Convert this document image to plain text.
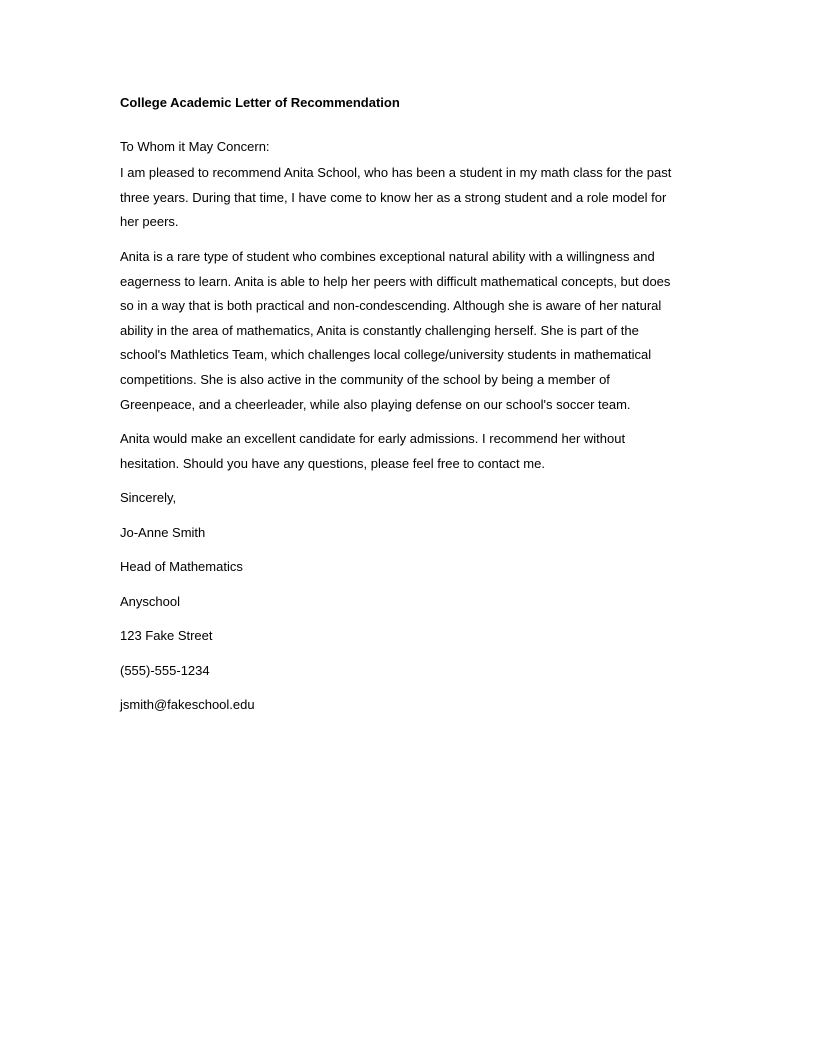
College Academic Letter of Recommendation

To Whom it May Concern:

I am pleased to recommend Anita School, who has been a student in my math class for the past
three years. During that time, I have come to know her as a strong student and a role model for
her peers.

Anita is a rare type of student who combines exceptional natural ability with a willingness and
eagerness to learn. Anita is able to help her peers with difficult mathematical concepts, but does
so in a way that is both practical and non-condescending. Although she is aware of her natural
ability in the area of mathematics, Anita is constantly challenging herself. She is part of the
school's Mathletics Team, which challenges local college/university students in mathematical
competitions. She is also active in the community of the school by being a member of
Greenpeace, and a cheerleader, while also playing defense on our school's soccer team.

Anita would make an excellent candidate for early admissions. I recommend her without
hesitation. Should you have any questions, please feel free to contact me.

Sincerely,

Jo-Anne Smith

Head of Mathematics

Anyschool

123 Fake Street

(555)-555-1234

jsmith@fakeschool.edu
